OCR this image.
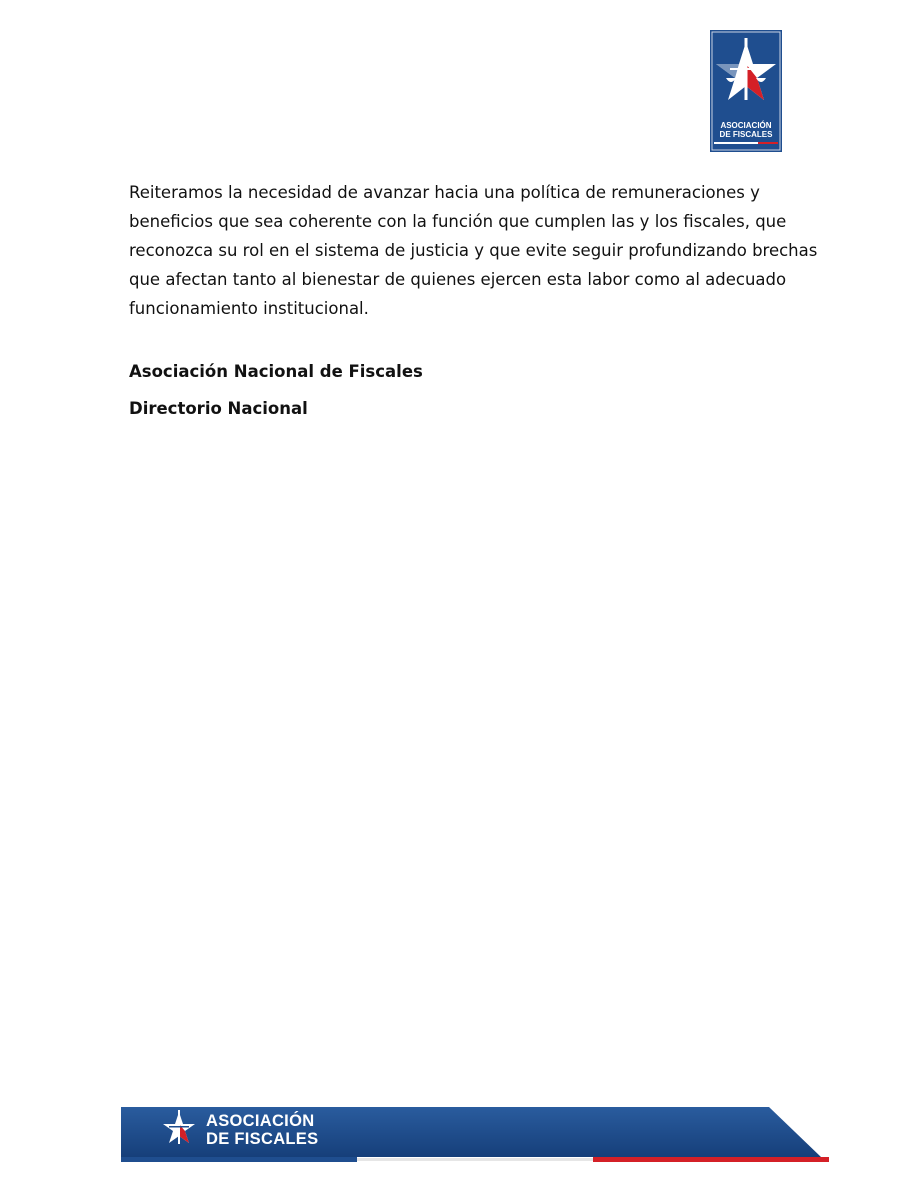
ASOCIACIÓN
DE FISCALES

Reiteramos la necesidad de avanzar hacia una política de remuneraciones y beneficios que sea coherente con la función que cumplen las y los fiscales, que reconozca su rol en el sistema de justicia y que evite seguir profundizando brechas que afectan tanto al bienestar de quienes ejercen esta labor como al adecuado funcionamiento institucional.

Asociación Nacional de Fiscales

Directorio Nacional

ASOCIACIÓN
DE FISCALES
